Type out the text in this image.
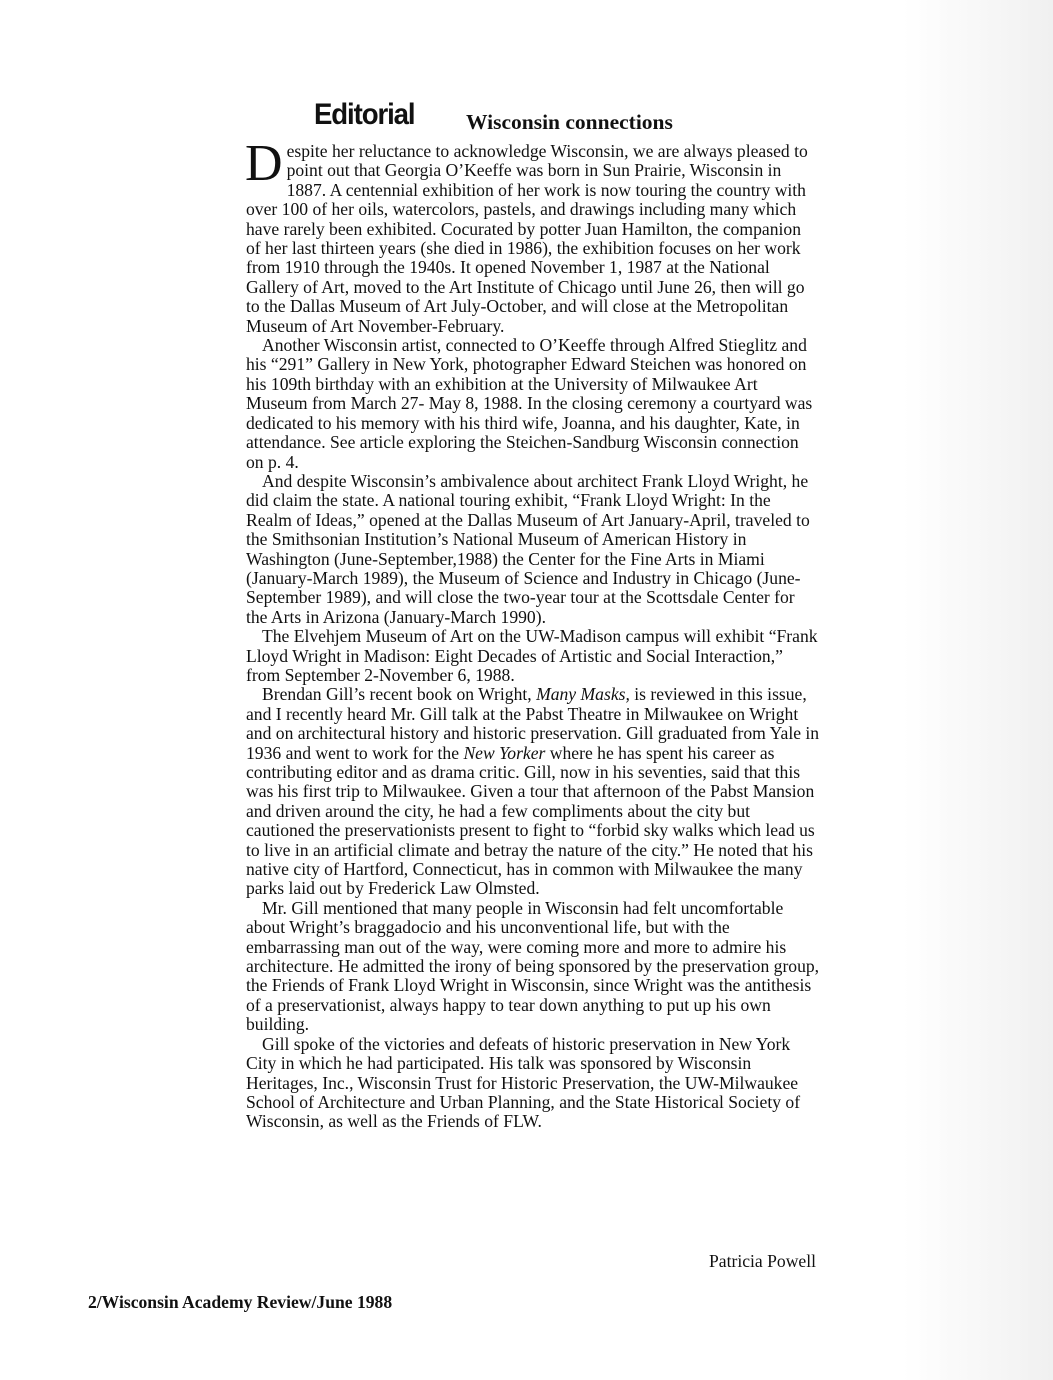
Editorial Wisconsin connections

Despite her reluctance to acknowledge Wisconsin, we are always pleased to point out that Georgia O’Keeffe was born in Sun Prairie, Wisconsin in 1887. A centennial exhibition of her work is now touring the country with over 100 of her oils, watercolors, pastels, and drawings including many which have rarely been exhibited. Cocurated by potter Juan Hamilton, the companion of her last thirteen years (she died in 1986), the exhibition focuses on her work from 1910 through the 1940s. It opened November 1, 1987 at the National Gallery of Art, moved to the Art Institute of Chicago until June 26, then will go to the Dallas Museum of Art July-October, and will close at the Metropolitan Museum of Art November-February.

Another Wisconsin artist, connected to O’Keeffe through Alfred Stieglitz and his “291” Gallery in New York, photographer Edward Steichen was honored on his 109th birthday with an exhibition at the University of Milwaukee Art Museum from March 27- May 8, 1988. In the closing ceremony a courtyard was dedicated to his memory with his third wife, Joanna, and his daughter, Kate, in attendance. See article exploring the Steichen-Sandburg Wisconsin connection on p. 4.

And despite Wisconsin’s ambivalence about architect Frank Lloyd Wright, he did claim the state. A national touring exhibit, “Frank Lloyd Wright: In the Realm of Ideas,” opened at the Dallas Museum of Art January-April, traveled to the Smithsonian Institution’s National Museum of American History in Washington (June-September,1988) the Center for the Fine Arts in Miami (January-March 1989), the Museum of Science and Industry in Chicago (June-September 1989), and will close the two-year tour at the Scottsdale Center for the Arts in Arizona (January-March 1990).

The Elvehjem Museum of Art on the UW-Madison campus will exhibit “Frank Lloyd Wright in Madison: Eight Decades of Artistic and Social Interaction,” from September 2-November 6, 1988.

Brendan Gill’s recent book on Wright, Many Masks, is reviewed in this issue, and I recently heard Mr. Gill talk at the Pabst Theatre in Milwaukee on Wright and on architectural history and historic preservation. Gill graduated from Yale in 1936 and went to work for the New Yorker where he has spent his career as contributing editor and as drama critic. Gill, now in his seventies, said that this was his first trip to Milwaukee. Given a tour that afternoon of the Pabst Mansion and driven around the city, he had a few compliments about the city but cautioned the preservationists present to fight to “forbid sky walks which lead us to live in an artificial climate and betray the nature of the city.” He noted that his native city of Hartford, Connecticut, has in common with Milwaukee the many parks laid out by Frederick Law Olmsted.

Mr. Gill mentioned that many people in Wisconsin had felt uncomfortable about Wright’s braggadocio and his unconventional life, but with the embarrassing man out of the way, were coming more and more to admire his architecture. He admitted the irony of being sponsored by the preservation group, the Friends of Frank Lloyd Wright in Wisconsin, since Wright was the antithesis of a preservationist, always happy to tear down anything to put up his own building.

Gill spoke of the victories and defeats of historic preservation in New York City in which he had participated. His talk was sponsored by Wisconsin Heritages, Inc., Wisconsin Trust for Historic Preservation, the UW-Milwaukee School of Architecture and Urban Planning, and the State Historical Society of Wisconsin, as well as the Friends of FLW.

Patricia Powell
2/Wisconsin Academy Review/June 1988
